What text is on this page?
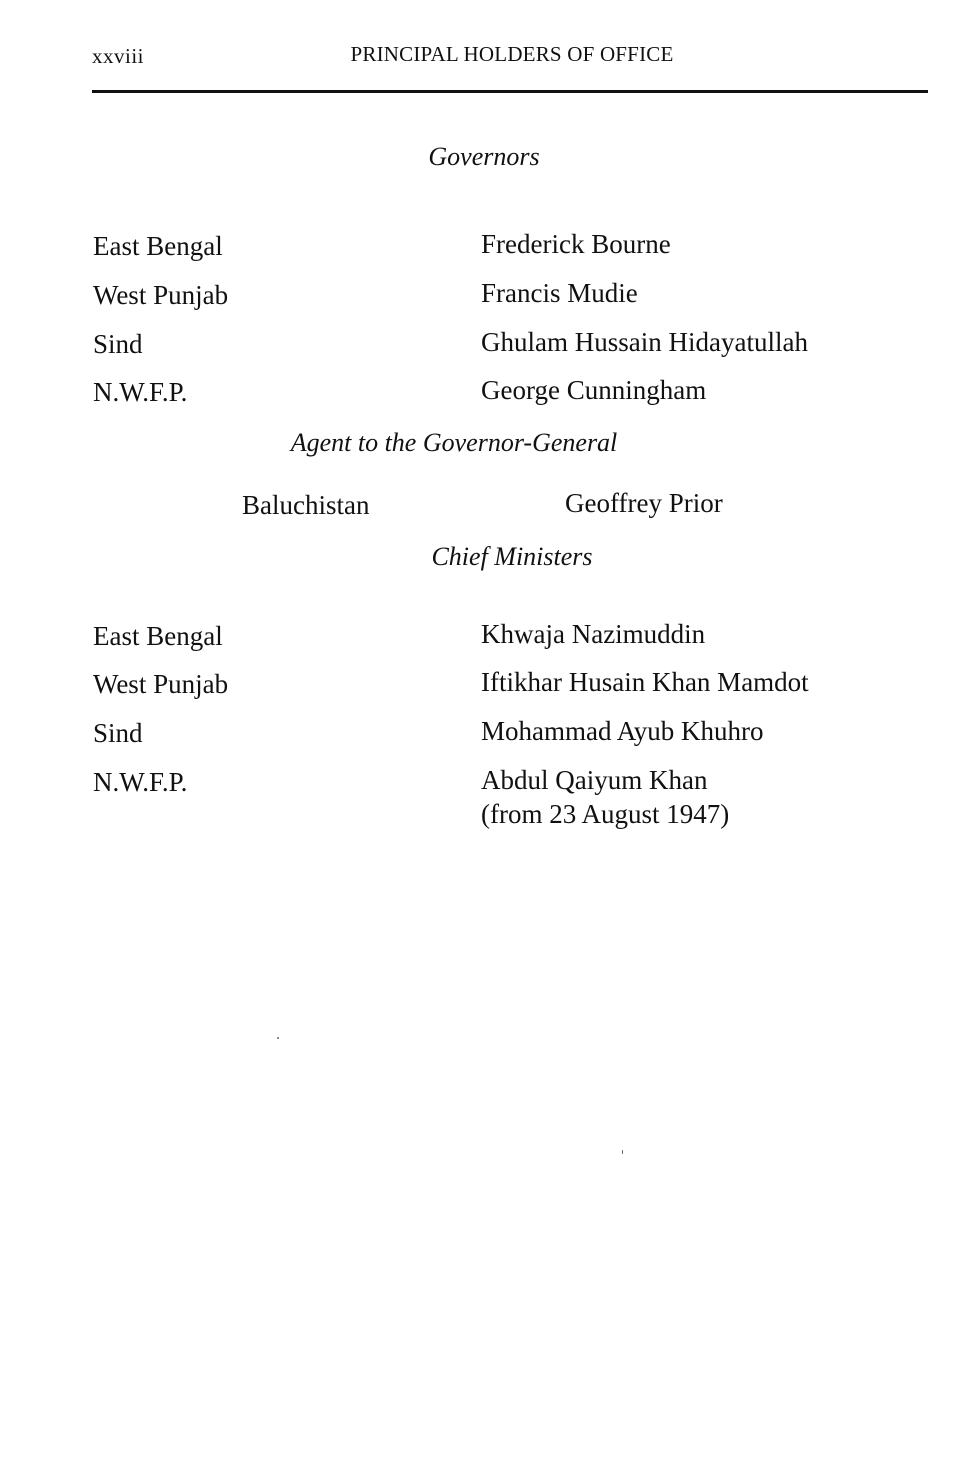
xxviii	PRINCIPAL HOLDERS OF OFFICE
Governors
East Bengal	Frederick Bourne
West Punjab	Francis Mudie
Sind	Ghulam Hussain Hidayatullah
N.W.F.P.	George Cunningham
Agent to the Governor-General
Baluchistan	Geoffrey Prior
Chief Ministers
East Bengal	Khwaja Nazimuddin
West Punjab	Iftikhar Husain Khan Mamdot
Sind	Mohammad Ayub Khuhro
N.W.F.P.	Abdul Qaiyum Khan
(from 23 August 1947)
